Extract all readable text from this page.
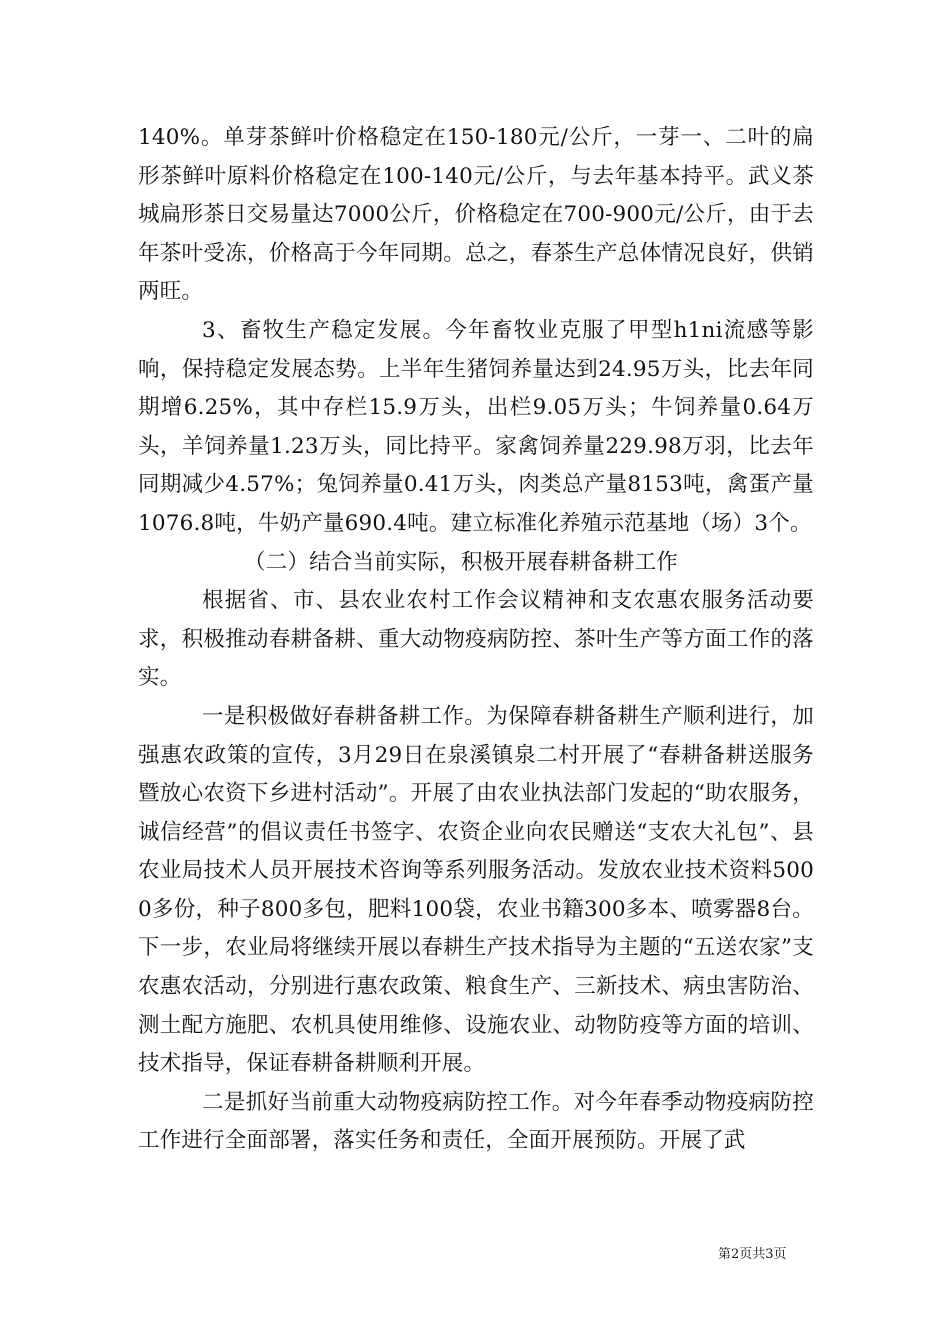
140%。单芽茶鲜叶价格稳定在150-180元/公斤，一芽一、二叶的扁形茶鲜叶原料价格稳定在100-140元/公斤，与去年基本持平。武义茶城扁形茶日交易量达7000公斤，价格稳定在700-900元/公斤，由于去年茶叶受冻，价格高于今年同期。总之，春茶生产总体情况良好，供销两旺。

3、畜牧生产稳定发展。今年畜牧业克服了甲型h1ni流感等影响，保持稳定发展态势。上半年生猪饲养量达到24.95万头，比去年同期增6.25%，其中存栏15.9万头，出栏9.05万头；牛饲养量0.64万头，羊饲养量1.23万头，同比持平。家禽饲养量229.98万羽，比去年同期减少4.57%；兔饲养量0.41万头，肉类总产量8153吨，禽蛋产量1076.8吨，牛奶产量690.4吨。建立标准化养殖示范基地（场）3个。

（二）结合当前实际，积极开展春耕备耕工作

根据省、市、县农业农村工作会议精神和支农惠农服务活动要求，积极推动春耕备耕、重大动物疫病防控、茶叶生产等方面工作的落实。

一是积极做好春耕备耕工作。为保障春耕备耕生产顺利进行，加强惠农政策的宣传，3月29日在泉溪镇泉二村开展了“春耕备耕送服务暨放心农资下乡进村活动”。开展了由农业执法部门发起的“助农服务，诚信经营”的倡议责任书签字、农资企业向农民赠送“支农大礼包”、县农业局技术人员开展技术咨询等系列服务活动。发放农业技术资料5000多份，种子800多包，肥料100袋，农业书籍300多本、喷雾器8台。下一步，农业局将继续开展以春耕生产技术指导为主题的“五送农家”支农惠农活动，分别进行惠农政策、粮食生产、三新技术、病虫害防治、测土配方施肥、农机具使用维修、设施农业、动物防疫等方面的培训、技术指导，保证春耕备耕顺利开展。

二是抓好当前重大动物疫病防控工作。对今年春季动物疫病防控工作进行全面部署，落实任务和责任，全面开展预防。开展了武

第2页共3页
